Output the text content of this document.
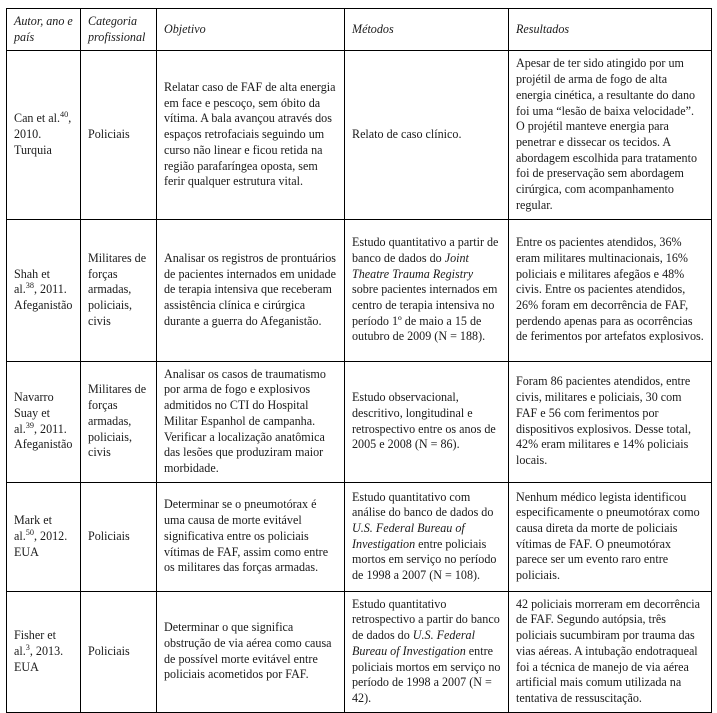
Autor, ano e país	Categoria profissional	Objetivo	Métodos	Resultados
Can et al.$^{40}$, 2010. Turquia	Policiais	Relatar caso de FAF de alta energia em face e pescoço, sem óbito da vítima. A bala avançou através dos espaços retrofaciais seguindo um curso não linear e ficou retida na região parafaríngea oposta, sem ferir qualquer estrutura vital.	Relato de caso clínico.	Apesar de ter sido atingido por um projétil de arma de fogo de alta energia cinética, a resultante do dano foi uma “lesão de baixa velocidade”. O projétil manteve energia para penetrar e dissecar os tecidos. A abordagem escolhida para tratamento foi de preservação sem abordagem cirúrgica, com acompanhamento regular.
Shah et al.$^{38}$, 2011. Afeganistão	Militares de forças armadas, policiais, civis	Analisar os registros de prontuários de pacientes internados em unidade de terapia intensiva que receberam assistência clínica e cirúrgica durante a guerra do Afeganistão.	Estudo quantitativo a partir de banco de dados do Joint Theatre Trauma Registry sobre pacientes internados em centro de terapia intensiva no período 1º de maio a 15 de outubro de 2009 (N = 188).	Entre os pacientes atendidos, 36% eram militares multinacionais, 16% policiais e militares afegãos e 48% civis. Entre os pacientes atendidos, 26% foram em decorrência de FAF, perdendo apenas para as ocorrências de ferimentos por artefatos explosivos.
Navarro Suay et al.$^{39}$, 2011. Afeganistão	Militares de forças armadas, policiais, civis	Analisar os casos de traumatismo por arma de fogo e explosivos admitidos no CTI do Hospital Militar Espanhol de campanha. Verificar a localização anatômica das lesões que produziram maior morbidade.	Estudo observacional, descritivo, longitudinal e retrospectivo entre os anos de 2005 e 2008 (N = 86).	Foram 86 pacientes atendidos, entre civis, militares e policiais, 30 com FAF e 56 com ferimentos por dispositivos explosivos. Desse total, 42% eram militares e 14% policiais locais.
Mark et al.$^{50}$, 2012. EUA	Policiais	Determinar se o pneumotórax é uma causa de morte evitável significativa entre os policiais vítimas de FAF, assim como entre os militares das forças armadas.	Estudo quantitativo com análise do banco de dados do U.S. Federal Bureau of Investigation entre policiais mortos em serviço no período de 1998 a 2007 (N = 108).	Nenhum médico legista identificou especificamente o pneumotórax como causa direta da morte de policiais vítimas de FAF. O pneumotórax parece ser um evento raro entre policiais.
Fisher et al.$^3$, 2013. EUA	Policiais	Determinar o que significa obstrução de via aérea como causa de possível morte evitável entre policiais acometidos por FAF.	Estudo quantitativo retrospectivo a partir do banco de dados do U.S. Federal Bureau of Investigation entre policiais mortos em serviço no período de 1998 a 2007 (N = 42).	42 policiais morreram em decorrência de FAF. Segundo autópsia, três policiais sucumbiram por trauma das vias aéreas. A intubação endotraqueal foi a técnica de manejo de via aérea artificial mais comum utilizada na tentativa de ressuscitação.
